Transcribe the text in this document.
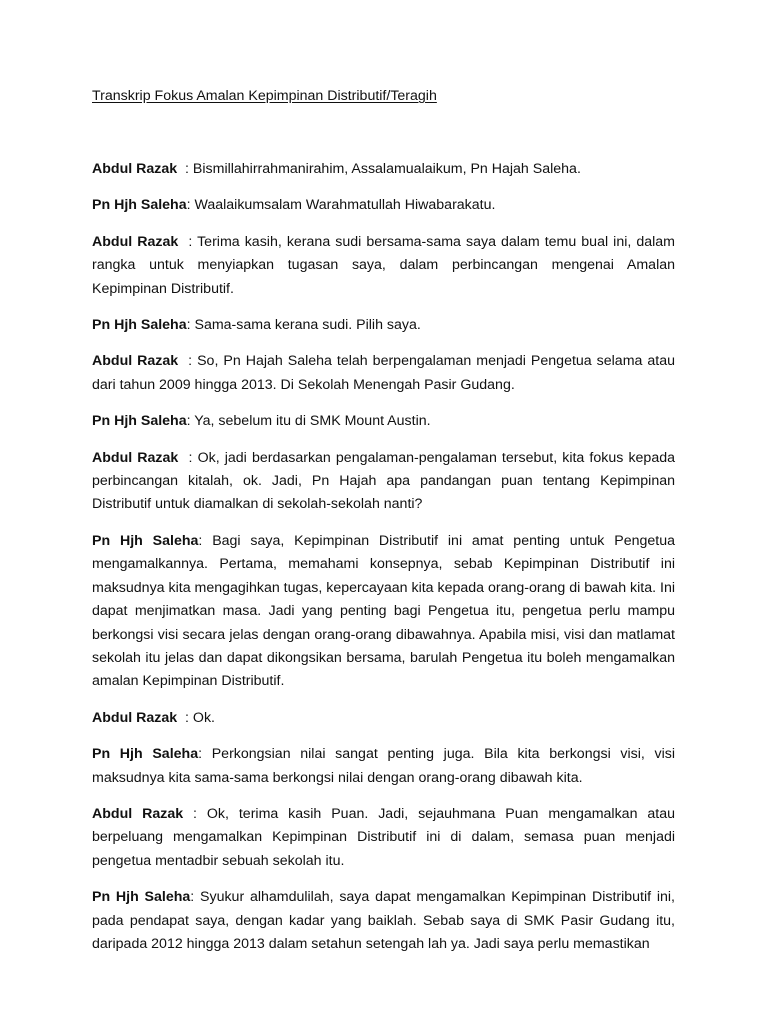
Transkrip Fokus Amalan Kepimpinan Distributif/Teragih

Abdul Razak  : Bismillahirrahmanirahim, Assalamualaikum, Pn Hajah Saleha.

Pn Hjh Saleha: Waalaikumsalam Warahmatullah Hiwabarakatu.

Abdul Razak  : Terima kasih, kerana sudi bersama-sama saya dalam temu bual ini, dalam rangka untuk menyiapkan tugasan saya, dalam perbincangan mengenai Amalan Kepimpinan Distributif.

Pn Hjh Saleha: Sama-sama kerana sudi. Pilih saya.

Abdul Razak  : So, Pn Hajah Saleha telah berpengalaman menjadi Pengetua selama atau dari tahun 2009 hingga 2013. Di Sekolah Menengah Pasir Gudang.

Pn Hjh Saleha: Ya, sebelum itu di SMK Mount Austin.

Abdul Razak  : Ok, jadi berdasarkan pengalaman-pengalaman tersebut, kita fokus kepada perbincangan kitalah, ok. Jadi, Pn Hajah apa pandangan puan tentang Kepimpinan Distributif untuk diamalkan di sekolah-sekolah nanti?

Pn Hjh Saleha: Bagi saya, Kepimpinan Distributif ini amat penting untuk Pengetua mengamalkannya. Pertama, memahami konsepnya, sebab Kepimpinan Distributif ini maksudnya kita mengagihkan tugas, kepercayaan kita kepada orang-orang di bawah kita. Ini dapat menjimatkan masa. Jadi yang penting bagi Pengetua itu, pengetua perlu mampu berkongsi visi secara jelas dengan orang-orang dibawahnya. Apabila misi, visi dan matlamat sekolah itu jelas dan dapat dikongsikan bersama, barulah Pengetua itu boleh mengamalkan amalan Kepimpinan Distributif.

Abdul Razak  : Ok.

Pn Hjh Saleha: Perkongsian nilai sangat penting juga. Bila kita berkongsi visi, visi maksudnya kita sama-sama berkongsi nilai dengan orang-orang dibawah kita.

Abdul Razak : Ok, terima kasih Puan. Jadi, sejauhmana Puan mengamalkan atau berpeluang mengamalkan Kepimpinan Distributif ini di dalam, semasa puan menjadi pengetua mentadbir sebuah sekolah itu.

Pn Hjh Saleha: Syukur alhamdulilah, saya dapat mengamalkan Kepimpinan Distributif ini, pada pendapat saya, dengan kadar yang baiklah. Sebab saya di SMK Pasir Gudang itu, daripada 2012 hingga 2013 dalam setahun setengah lah ya. Jadi saya perlu memastikan
